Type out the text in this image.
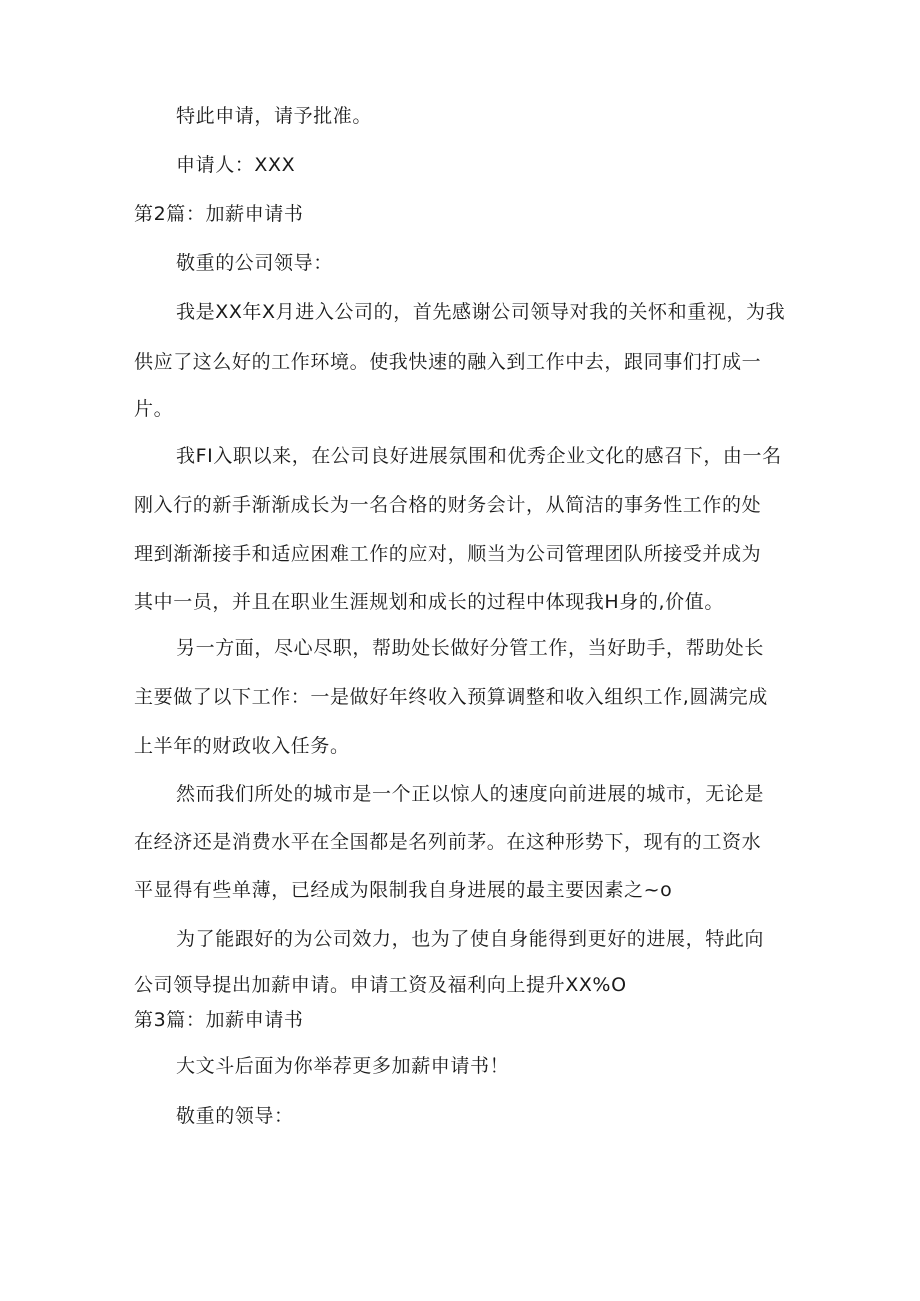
特此申请，请予批准。
申请人：XXX
第2篇：加薪申请书
敬重的公司领导：
我是XX年X月进入公司的，首先感谢公司领导对我的关怀和重视，为我
供应了这么好的工作环境。使我快速的融入到工作中去，跟同事们打成一
片。
我FI入职以来，在公司良好进展氛围和优秀企业文化的感召下，由一名
刚入行的新手渐渐成长为一名合格的财务会计，从简洁的事务性工作的处
理到渐渐接手和适应困难工作的应对，顺当为公司管理团队所接受并成为
其中一员，并且在职业生涯规划和成长的过程中体现我H身的,价值。
另一方面，尽心尽职，帮助处长做好分管工作，当好助手，帮助处长
主要做了以下工作：一是做好年终收入预算调整和收入组织工作,圆满完成
上半年的财政收入任务。
然而我们所处的城市是一个正以惊人的速度向前进展的城市，无论是
在经济还是消费水平在全国都是名列前茅。在这种形势下，现有的工资水
平显得有些单薄，已经成为限制我自身进展的最主要因素之~o
为了能跟好的为公司效力，也为了使自身能得到更好的进展，特此向
公司领导提出加薪申请。申请工资及福利向上提升XX%O
第3篇：加薪申请书
大文斗后面为你举荐更多加薪申请书！
敬重的领导：
